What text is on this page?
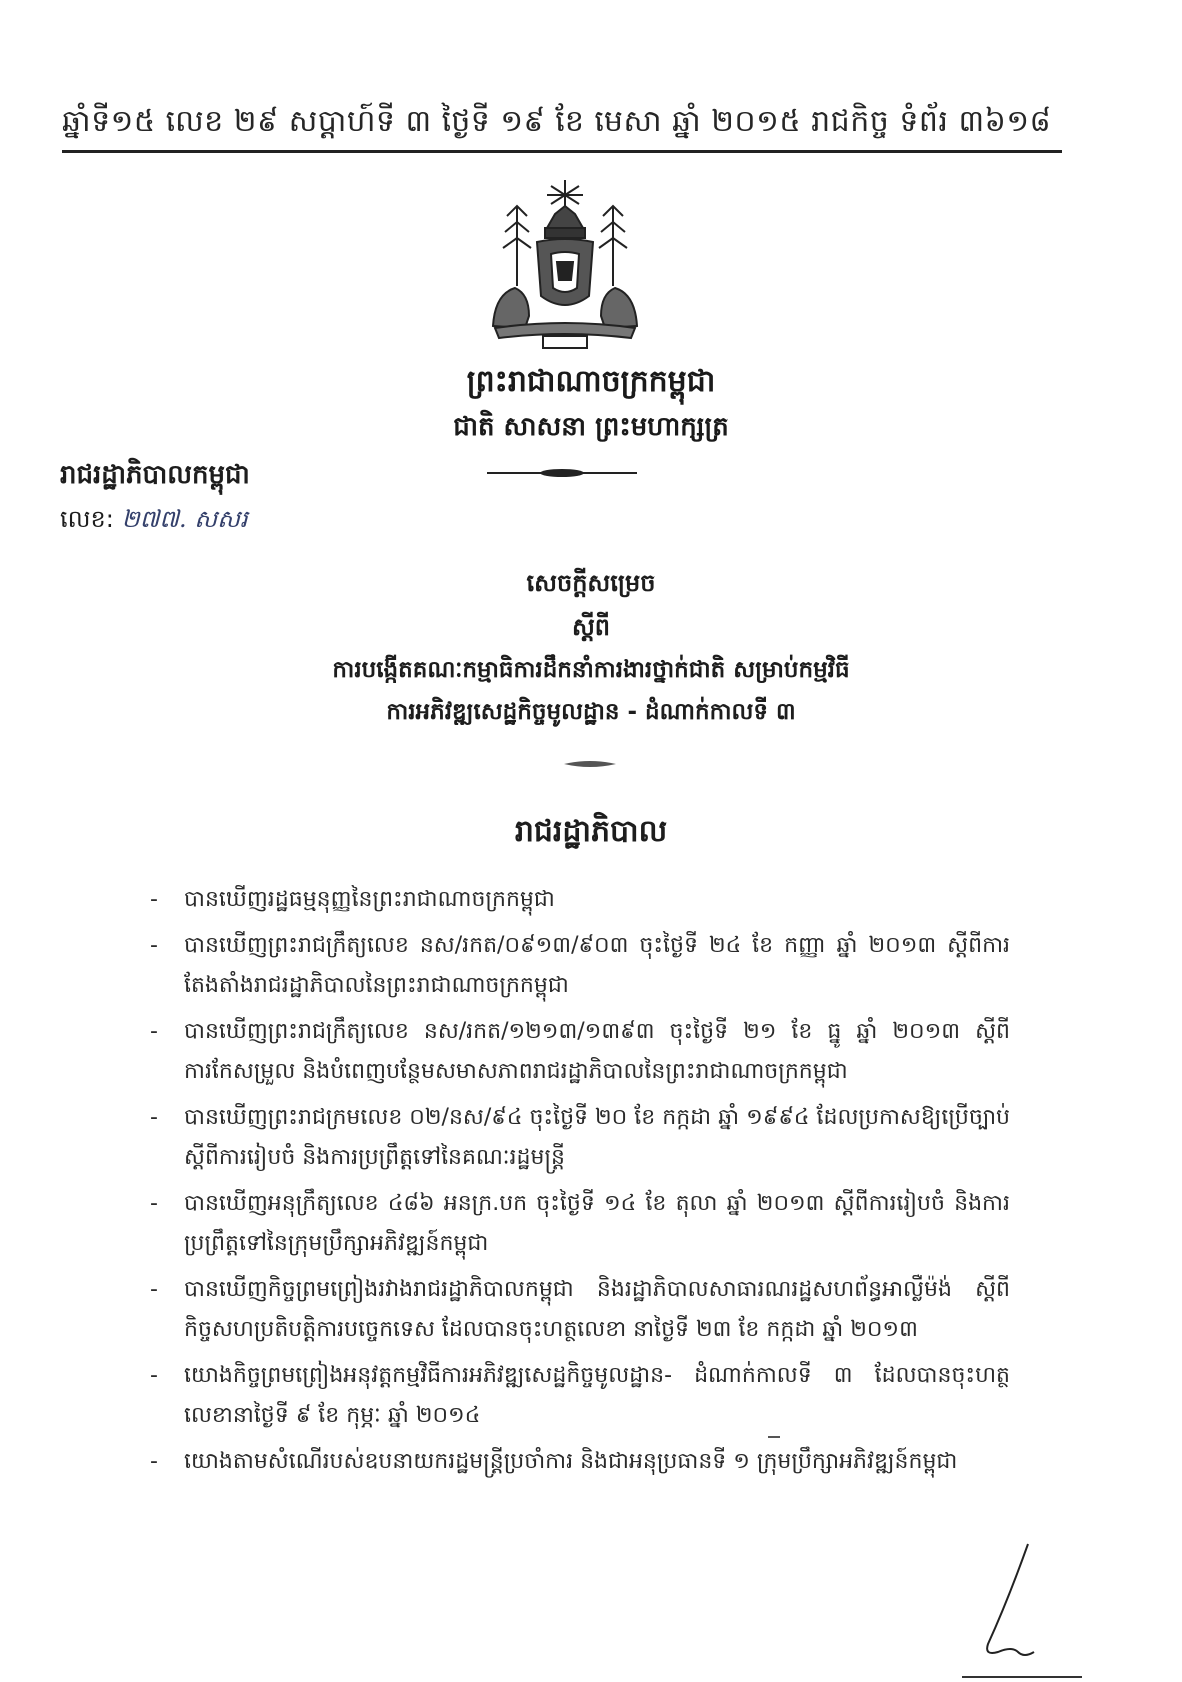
ឆ្នាំទី១៥ លេខ ២៩ សប្តាហ៍ទី ៣ ថ្ងៃទី ១៩ ខែ មេសា ឆ្នាំ ២០១៥ រាជកិច្ច ទំព័រ ៣៦១៨
ព្រះរាជាណាចក្រកម្ពុជា
ជាតិ សាសនា ព្រះមហាក្សត្រ
រាជរដ្ឋាភិបាលកម្ពុជា
លេខ: ២៧៧. សសរ
សេចក្តីសម្រេច
ស្តីពី
ការបង្កើតគណៈកម្មាធិការដឹកនាំការងារថ្នាក់ជាតិ សម្រាប់កម្មវិធី
ការអភិវឌ្ឍសេដ្ឋកិច្ចមូលដ្ឋាន - ដំណាក់កាលទី ៣
រាជរដ្ឋាភិបាល
-	បានឃើញរដ្ឋធម្មនុញ្ញនៃព្រះរាជាណាចក្រកម្ពុជា
-	បានឃើញព្រះរាជក្រឹត្យលេខ នស/រកត/០៩១៣/៩០៣ ចុះថ្ងៃទី ២៤ ខែ កញ្ញា ឆ្នាំ ២០១៣ ស្តីពីការតែងតាំងរាជរដ្ឋាភិបាលនៃព្រះរាជាណាចក្រកម្ពុជា
-	បានឃើញព្រះរាជក្រឹត្យលេខ នស/រកត/១២១៣/១៣៩៣ ចុះថ្ងៃទី ២១ ខែ ធ្នូ ឆ្នាំ ២០១៣ ស្តីពីការកែសម្រួល និងបំពេញបន្ថែមសមាសភាពរាជរដ្ឋាភិបាលនៃព្រះរាជាណាចក្រកម្ពុជា
-	បានឃើញព្រះរាជក្រមលេខ ០២/នស/៩៤ ចុះថ្ងៃទី ២០ ខែ កក្កដា ឆ្នាំ ១៩៩៤ ដែលប្រកាសឱ្យប្រើច្បាប់ស្តីពីការរៀបចំ និងការប្រព្រឹត្តទៅនៃគណៈរដ្ឋមន្ត្រី
-	បានឃើញអនុក្រឹត្យលេខ ៤៨៦ អនក្រ.បក ចុះថ្ងៃទី ១៤ ខែ តុលា ឆ្នាំ ២០១៣ ស្តីពីការរៀបចំ និងការប្រព្រឹត្តទៅនៃក្រុមប្រឹក្សាអភិវឌ្ឍន៍កម្ពុជា
-	បានឃើញកិច្ចព្រមព្រៀងរវាងរាជរដ្ឋាភិបាលកម្ពុជា និងរដ្ឋាភិបាលសាធារណរដ្ឋសហព័ន្ធអាល្លឺម៉ង់ ស្តីពីកិច្ចសហប្រតិបត្តិការបច្ចេកទេស ដែលបានចុះហត្ថលេខា នាថ្ងៃទី ២៣ ខែ កក្កដា ឆ្នាំ ២០១៣
-	យោងកិច្ចព្រមព្រៀងអនុវត្តកម្មវិធីការអភិវឌ្ឍសេដ្ឋកិច្ចមូលដ្ឋាន- ដំណាក់កាលទី ៣ ដែលបានចុះហត្ថលេខានាថ្ងៃទី ៩ ខែ កុម្ភៈ ឆ្នាំ ២០១៤
-	យោងតាមសំណើរបស់ឧបនាយករដ្ឋមន្ត្រីប្រចាំការ និងជាអនុប្រធានទី ១ ក្រុមប្រឹក្សាអភិវឌ្ឍន៍កម្ពុជា
